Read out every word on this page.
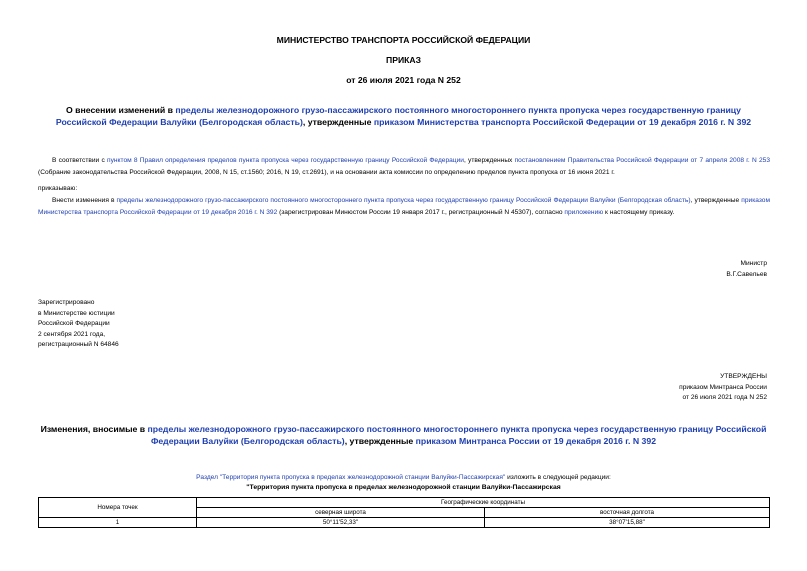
МИНИСТЕРСТВО ТРАНСПОРТА РОССИЙСКОЙ ФЕДЕРАЦИИ
ПРИКАЗ
от 26 июля 2021 года N 252
О внесении изменений в пределы железнодорожного грузо-пассажирского постоянного многостороннего пункта пропуска через государственную границу Российской Федерации Валуйки (Белгородская область), утвержденные приказом Министерства транспорта Российской Федерации от 19 декабря 2016 г. N 392
В соответствии с пунктом 8 Правил определения пределов пункта пропуска через государственную границу Российской Федерации, утвержденных постановлением Правительства Российской Федерации от 7 апреля 2008 г. N 253 (Собрание законодательства Российской Федерации, 2008, N 15, ст.1560; 2016, N 19, ст.2691), и на основании акта комиссии по определению пределов пункта пропуска от 16 июня 2021 г.
приказываю:
Внести изменения в пределы железнодорожного грузо-пассажирского постоянного многостороннего пункта пропуска через государственную границу Российской Федерации Валуйки (Белгородская область), утвержденные приказом Министерства транспорта Российской Федерации от 19 декабря 2016 г. N 392 (зарегистрирован Минюстом России 19 января 2017 г., регистрационный N 45307), согласно приложению к настоящему приказу.
Министр
В.Г.Савельев
Зарегистрировано
в Министерстве юстиции
Российской Федерации
2 сентября 2021 года,
регистрационный N 64846
УТВЕРЖДЕНЫ
приказом Минтранса России
от 26 июля 2021 года N 252
Изменения, вносимые в пределы железнодорожного грузо-пассажирского постоянного многостороннего пункта пропуска через государственную границу Российской Федерации Валуйки (Белгородская область), утвержденные приказом Минтранса России от 19 декабря 2016 г. N 392
Раздел "Территория пункта пропуска в пределах железнодорожной станции Валуйки-Пассажирская" изложить в следующей редакции:
"Территория пункта пропуска в пределах железнодорожной станции Валуйки-Пассажирская
Номера точек	Географические координаты	
	северная широта	восточная долгота
1	50°11'52,33"	38°07'15,88"
